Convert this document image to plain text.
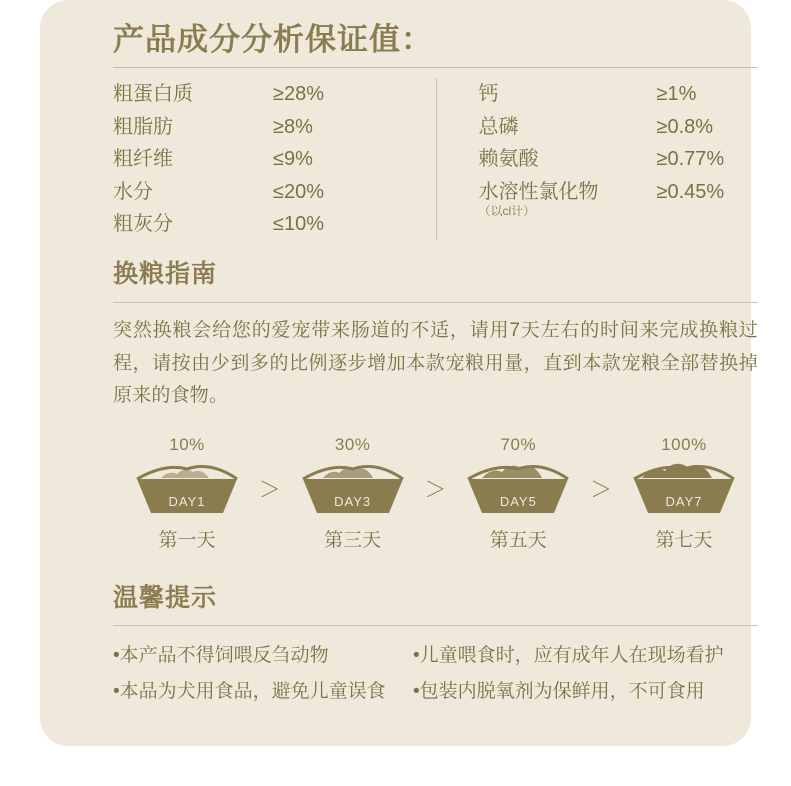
产品成分分析保证值：
粗蛋白质	≥28%
粗脂肪	≥8%
粗纤维	≤9%
水分	≤20%
粗灰分	≤10%
钙	≥1%
总磷	≥0.8%
赖氨酸	≥0.77%
水溶性氯化物	≥0.45%
（以cl计）
换粮指南

突然换粮会给您的爱宠带来肠道的不适，请用7天左右的时间来完成换粮过程，请按由少到多的比例逐步增加本款宠粮用量，直到本款宠粮全部替换掉原来的食物。

10%
DAY1
第一天
＞
30%
DAY3
第三天
＞
70%
DAY5
第五天
＞
100%
DAY7
第七天
温馨提示
•本产品不得饲喂反刍动物	•儿童喂食时，应有成年人在现场看护
•本品为犬用食品，避免儿童误食	•包装内脱氧剂为保鲜用，不可食用
